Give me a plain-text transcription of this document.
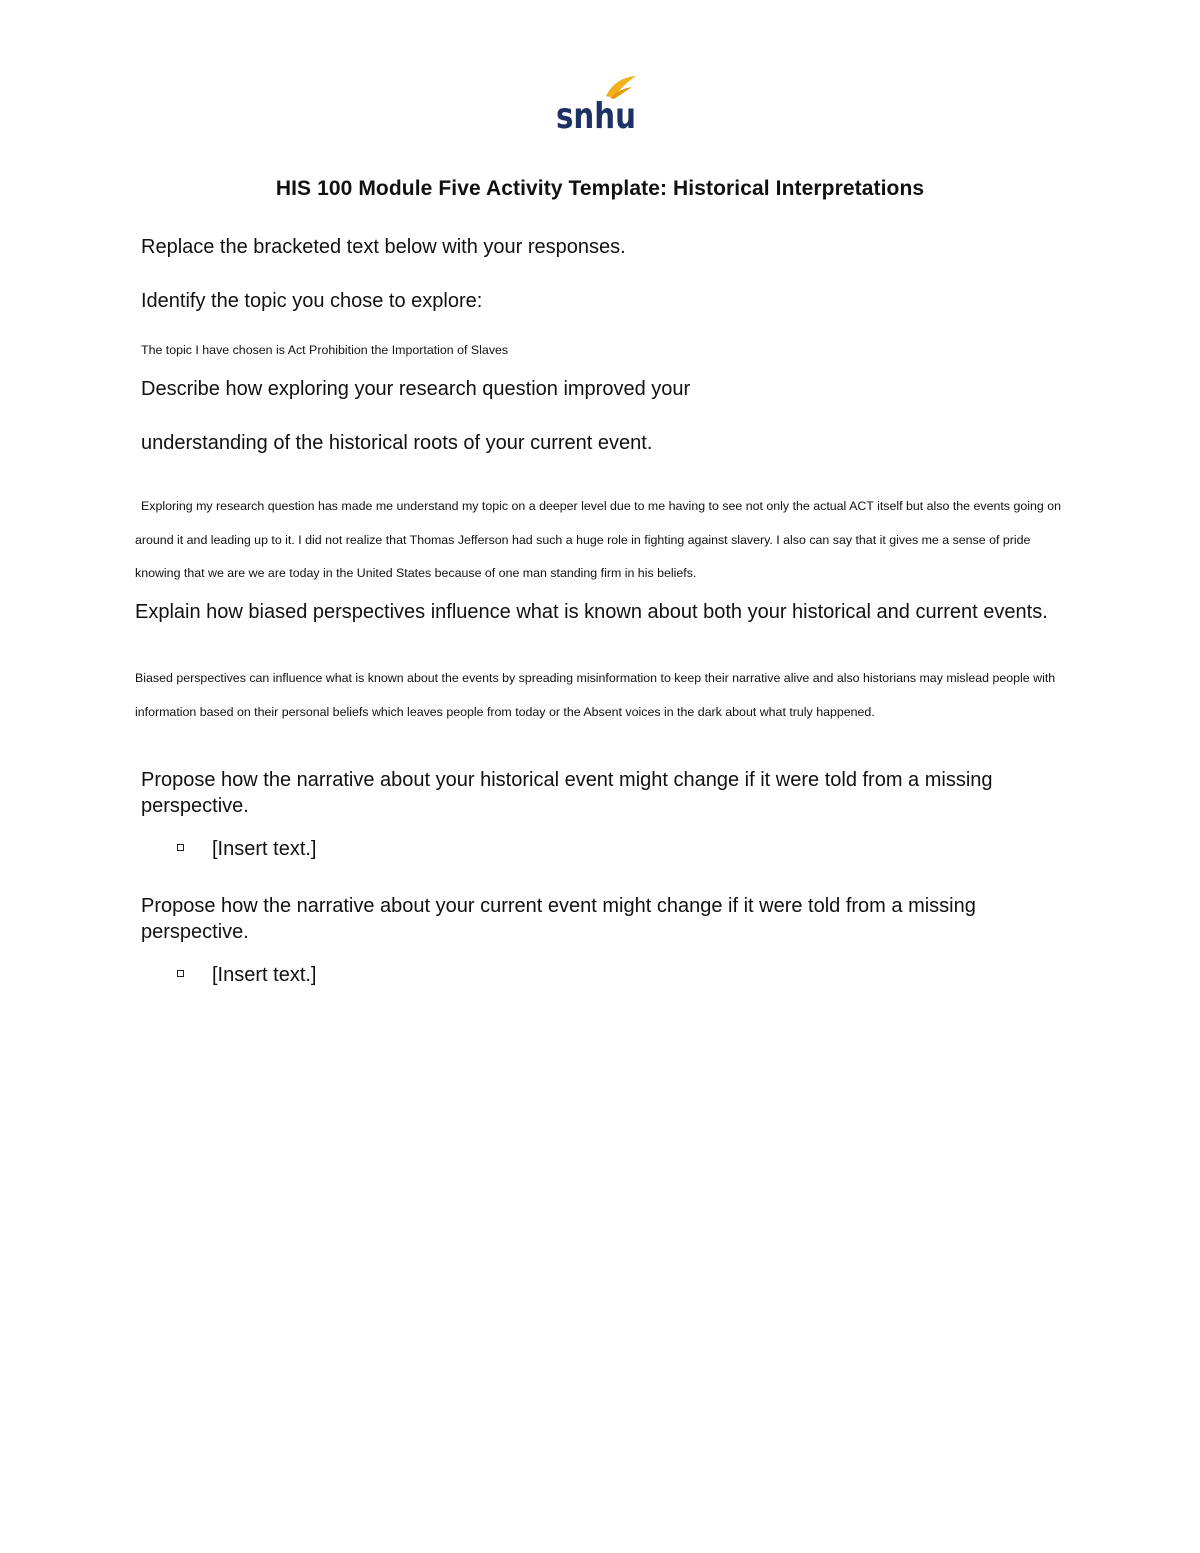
snhu
HIS 100 Module Five Activity Template: Historical Interpretations
Replace the bracketed text below with your responses.
Identify the topic you chose to explore:
The topic I have chosen is Act Prohibition the Importation of Slaves
Describe how exploring your research question improved your
understanding of the historical roots of your current event.
Exploring my research question has made me understand my topic on a deeper level due to me having to see not only the actual ACT itself but also the events going on around it and leading up to it. I did not realize that Thomas Jefferson had such a huge role in fighting against slavery. I also can say that it gives me a sense of pride knowing that we are we are today in the United States because of one man standing firm in his beliefs.
Explain how biased perspectives influence what is known about both your historical and current events.
Biased perspectives can influence what is known about the events by spreading misinformation to keep their narrative alive and also historians may mislead people with information based on their personal beliefs which leaves people from today or the Absent voices in the dark about what truly happened.
Propose how the narrative about your historical event might change if it were told from a missing perspective.
[Insert text.]
Propose how the narrative about your current event might change if it were told from a missing perspective.
[Insert text.]
